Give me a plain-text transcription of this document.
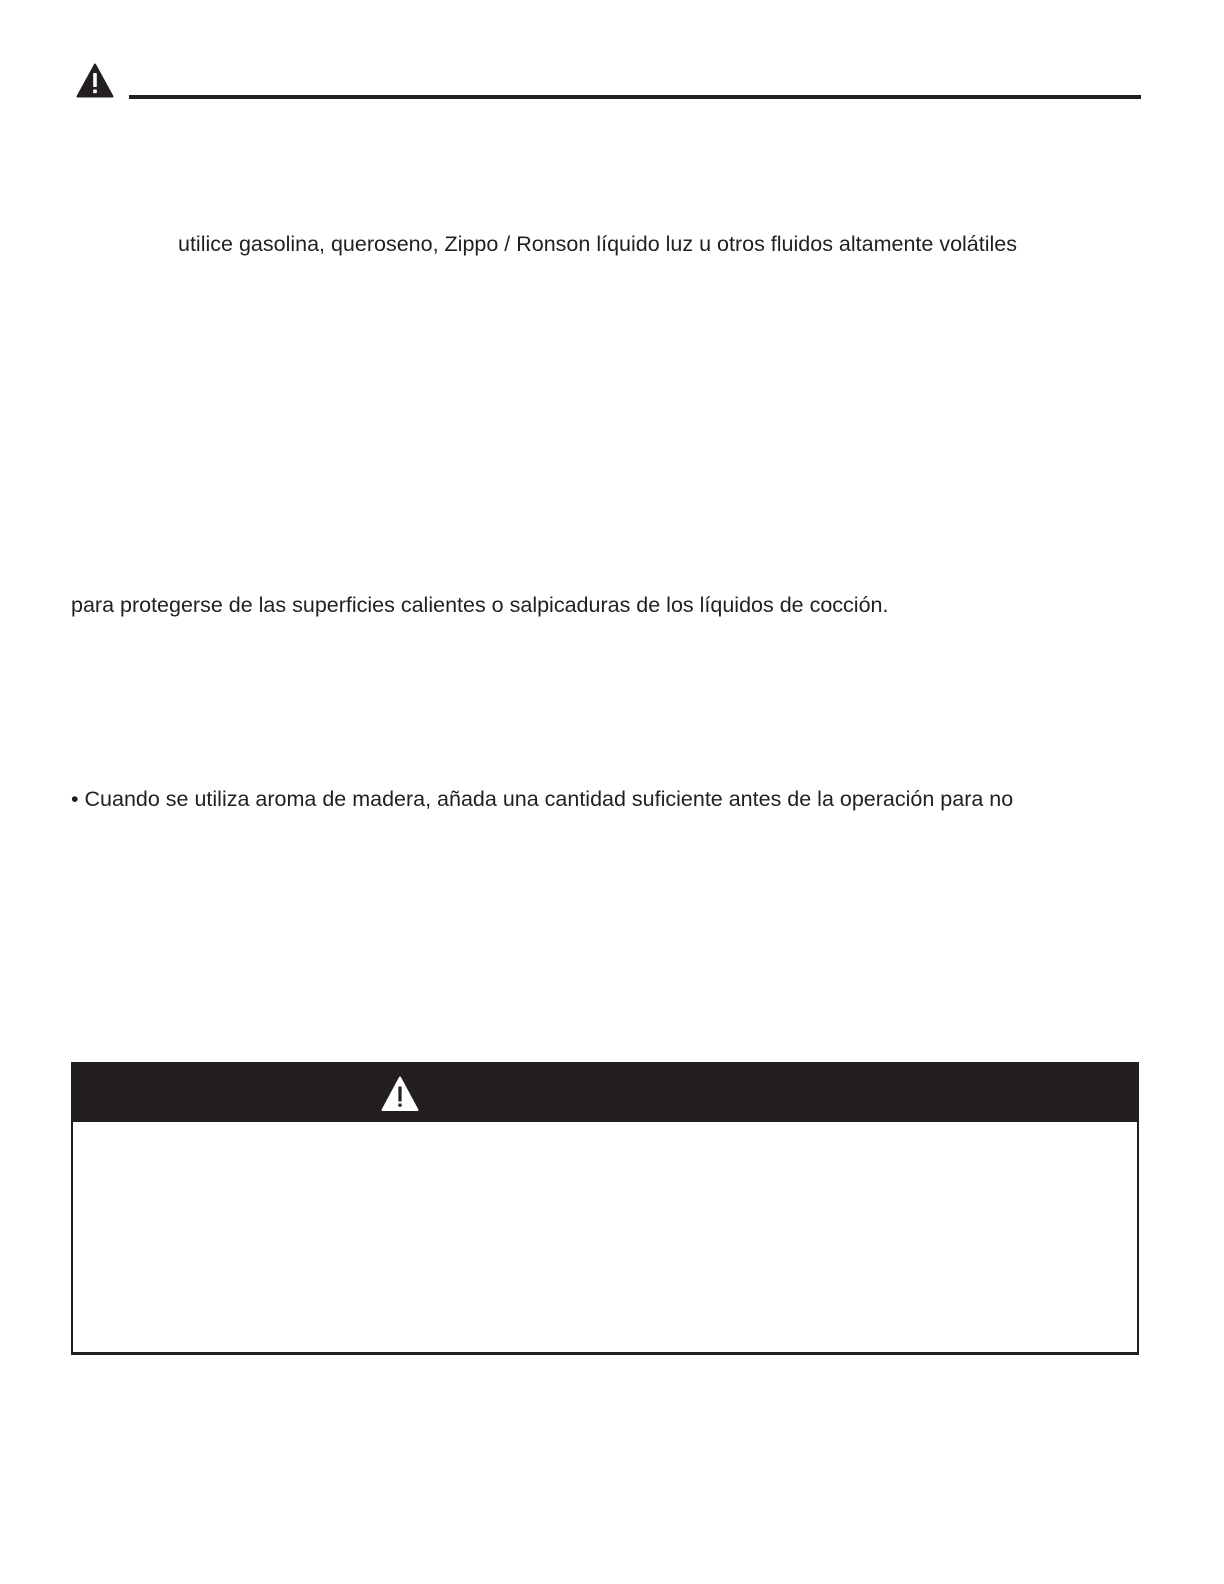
utilice gasolina, queroseno, Zippo / Ronson líquido luz u otros fluidos altamente volátiles
para protegerse de las superficies calientes o salpicaduras de los líquidos de cocción.
• Cuando se utiliza aroma de madera, añada una cantidad suficiente antes de la operación para no
